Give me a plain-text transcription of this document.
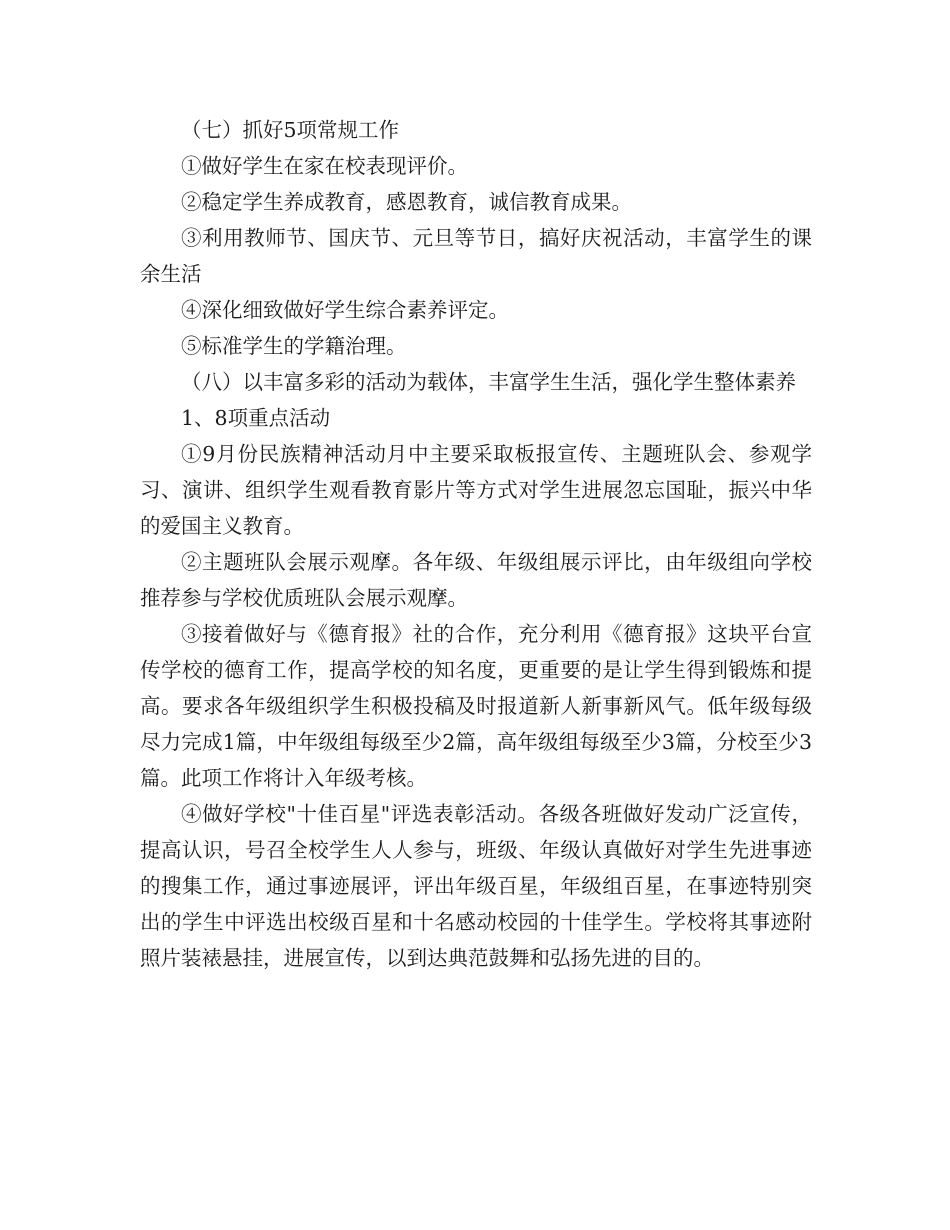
（七）抓好5项常规工作

①做好学生在家在校表现评价。

②稳定学生养成教育，感恩教育，诚信教育成果。

③利用教师节、国庆节、元旦等节日，搞好庆祝活动，丰富学生的课余生活

④深化细致做好学生综合素养评定。

⑤标准学生的学籍治理。

（八）以丰富多彩的活动为载体，丰富学生生活，强化学生整体素养

1、8项重点活动

①9月份民族精神活动月中主要采取板报宣传、主题班队会、参观学习、演讲、组织学生观看教育影片等方式对学生进展忽忘国耻，振兴中华的爱国主义教育。

②主题班队会展示观摩。各年级、年级组展示评比，由年级组向学校推荐参与学校优质班队会展示观摩。

③接着做好与《德育报》社的合作，充分利用《德育报》这块平台宣传学校的德育工作，提高学校的知名度，更重要的是让学生得到锻炼和提高。要求各年级组织学生积极投稿及时报道新人新事新风气。低年级每级尽力完成1篇，中年级组每级至少2篇，高年级组每级至少3篇，分校至少3篇。此项工作将计入年级考核。

④做好学校"十佳百星"评选表彰活动。各级各班做好发动广泛宣传，提高认识，号召全校学生人人参与，班级、年级认真做好对学生先进事迹的搜集工作，通过事迹展评，评出年级百星，年级组百星，在事迹特别突出的学生中评选出校级百星和十名感动校园的十佳学生。学校将其事迹附照片装裱悬挂，进展宣传，以到达典范鼓舞和弘扬先进的目的。
